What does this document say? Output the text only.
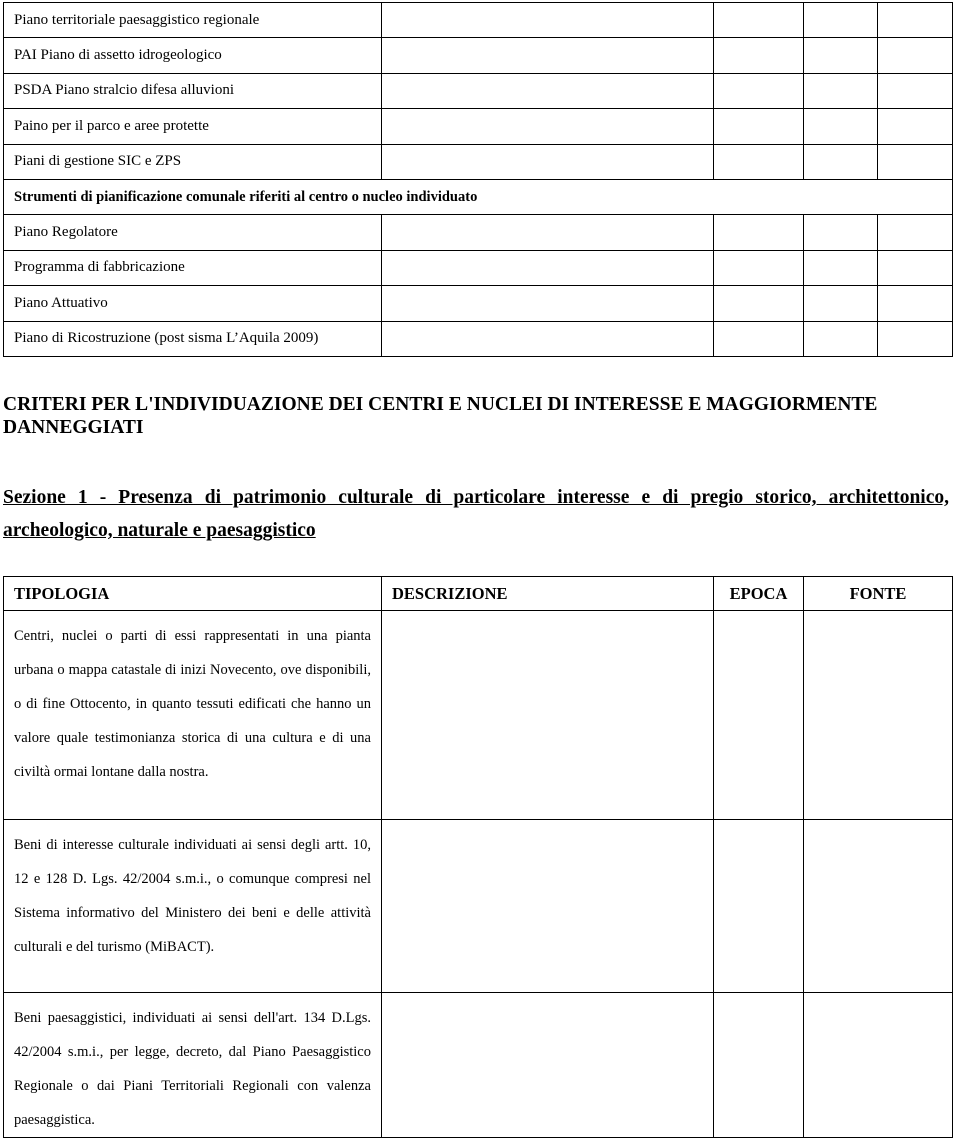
Piano territoriale paesaggistico regionale				
PAI Piano di assetto idrogeologico				
PSDA Piano stralcio difesa alluvioni				
Paino per il parco e aree protette				
Piani di gestione SIC e ZPS				
Strumenti di pianificazione comunale riferiti al centro o nucleo individuato				
Piano Regolatore				
Programma di fabbricazione				
Piano Attuativo				
Piano di Ricostruzione (post sisma L’Aquila 2009)				
CRITERI PER L'INDIVIDUAZIONE DEI CENTRI E NUCLEI DI INTERESSE E MAGGIORMENTE DANNEGGIATI
Sezione 1 - Presenza di patrimonio culturale di particolare interesse e di pregio storico, architettonico, archeologico, naturale e paesaggistico
TIPOLOGIA	DESCRIZIONE	EPOCA	FONTE
Centri, nuclei o parti di essi rappresentati in una pianta urbana o mappa catastale di inizi Novecento, ove disponibili, o di fine Ottocento, in quanto tessuti edificati che hanno un valore quale testimonianza storica di una cultura e di una civiltà ormai lontane dalla nostra.			
Beni di interesse culturale individuati ai sensi degli artt. 10, 12 e 128 D. Lgs. 42/2004 s.m.i., o comunque compresi nel Sistema informativo del Ministero dei beni e delle attività culturali e del turismo (MiBACT).			
Beni paesaggistici, individuati ai sensi dell'art. 134 D.Lgs. 42/2004 s.m.i., per legge, decreto, dal Piano Paesaggistico Regionale o dai Piani Territoriali Regionali con valenza paesaggistica.			
